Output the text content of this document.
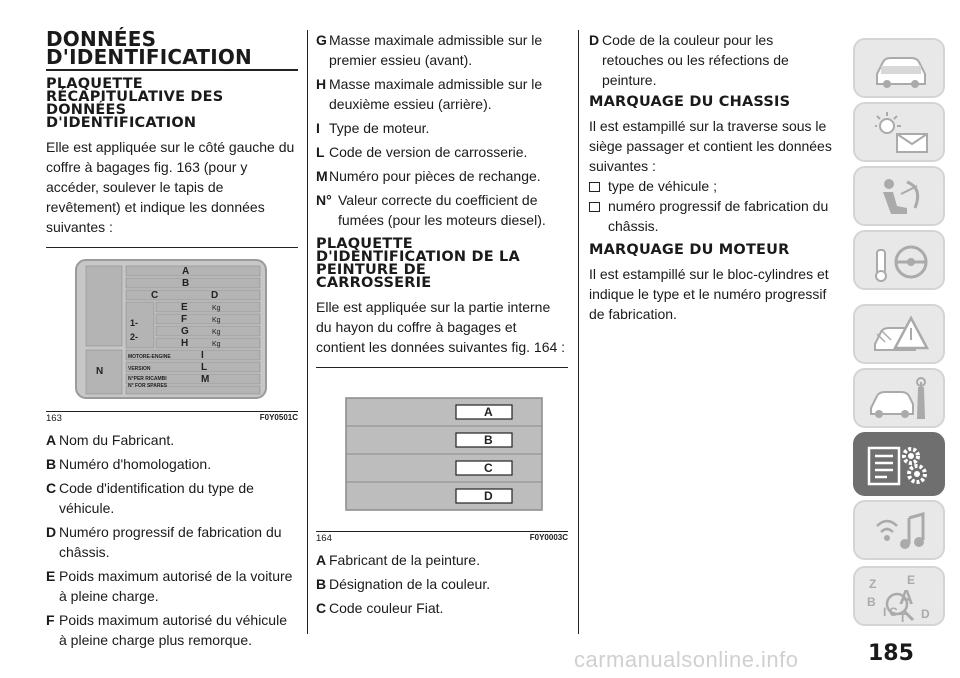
DONNÉES
D'IDENTIFICATION
PLAQUETTE
RÉCAPITULATIVE DES
DONNÉES
D'IDENTIFICATION

Elle est appliquée sur le côté gauche du coffre à bagages fig. 163 (pour y accéder, soulever le tapis de revêtement) et indique les données suivantes :

A
B
C	D
E
F
G
H
I
L
M
N
1-
2-
Kg
Kg
Kg
Kg
MOTORE-ENGINE
VERSION
N°PER RICAMBI
N° FOR SPARES
163	F0Y0501C
A Nom du Fabricant.
B Numéro d'homologation.
C Code d'identification du type de véhicule.
D Numéro progressif de fabrication du châssis.
E Poids maximum autorisé de la voiture à pleine charge.
F Poids maximum autorisé du véhicule à pleine charge plus remorque.
G Masse maximale admissible sur le premier essieu (avant).
H Masse maximale admissible sur le deuxième essieu (arrière).
I Type de moteur.
L Code de version de carrosserie.
MNuméro pour pièces de rechange.
N° Valeur correcte du coefficient de fumées (pour les moteurs diesel).
PLAQUETTE
D'IDENTIFICATION DE LA
PEINTURE DE
CARROSSERIE

Elle est appliquée sur la partie interne du hayon du coffre à bagages et contient les données suivantes fig. 164 :

A
B
C
D
164	F0Y0003C
A Fabricant de la peinture.
B Désignation de la couleur.
C Code couleur Fiat.
D Code de la couleur pour les retouches ou les réfections de peinture.
MARQUAGE DU CHASSIS

Il est estampillé sur la traverse sous le siège passager et contient les données suivantes :

type de véhicule ;
numéro progressif de fabrication du châssis.
MARQUAGE DU MOTEUR

Il est estampillé sur le bloc-cylindres et indique le type et le numéro progressif de fabrication.

Z	E
B A
I C T D
carmanualsonline.info	185
